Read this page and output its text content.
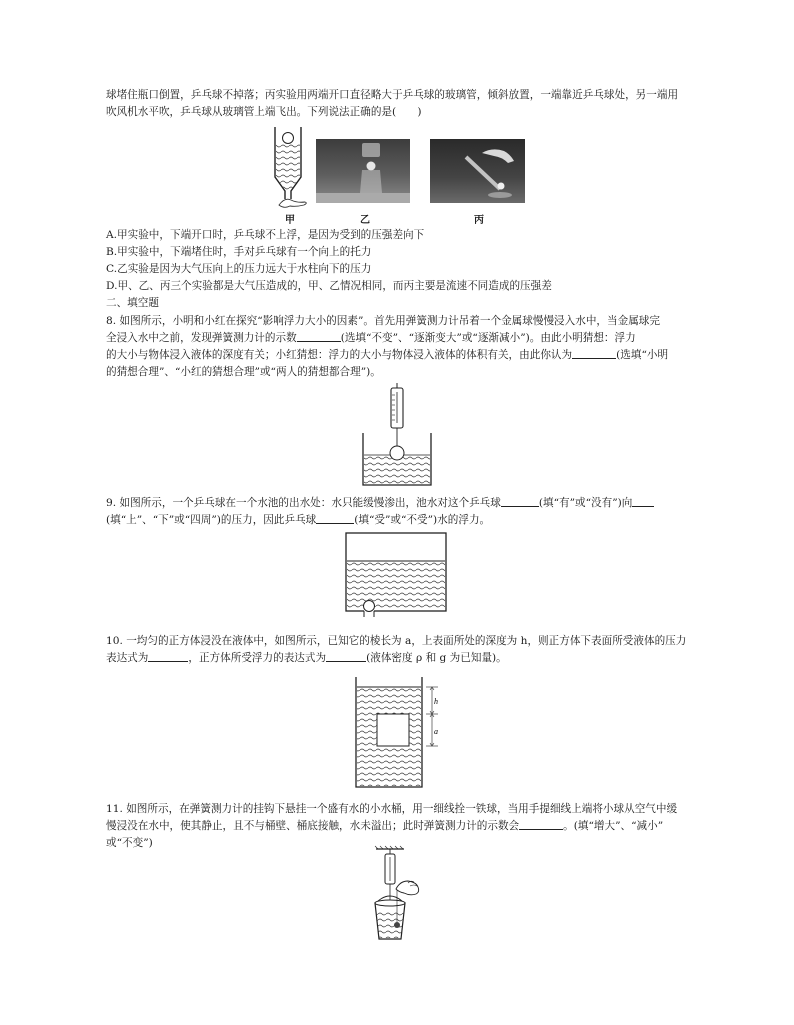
球堵住瓶口倒置，乒乓球不掉落；丙实验用两端开口直径略大于乒乓球的玻璃管，倾斜放置，一端靠近乒乓球处，另一端用
吹风机水平吹，乒乓球从玻璃管上端飞出。下列说法正确的是(　　)
甲	乙	丙
A.甲实验中，下端开口时，乒乓球不上浮，是因为受到的压强差向下
B.甲实验中，下端堵住时，手对乒乓球有一个向上的托力
C.乙实验是因为大气压向上的压力远大于水柱向下的压力
D.甲、乙、丙三个实验都是大气压造成的，甲、乙情况相同，而丙主要是流速不同造成的压强差
二、填空题
8. 如图所示，小明和小红在探究“影响浮力大小的因素”。首先用弹簧测力计吊着一个金属球慢慢浸入水中，当金属球完
全浸入水中之前，发现弹簧测力计的示数	(选填“不变”、“逐渐变大”或“逐渐减小”)。由此小明猜想：浮力
的大小与物体浸入液体的深度有关；小红猜想：浮力的大小与物体浸入液体的体积有关，由此你认为	(选填“小明
的猜想合理”、“小红的猜想合理”或“两人的猜想都合理”)。
9. 如图所示，一个乒乓球在一个水池的出水处：水只能缓慢渗出，池水对这个乒乓球	(填“有”或“没有”)向
(填“上”、“下”或“四周”)的压力，因此乒乓球	(填“受”或“不受”)水的浮力。
10. 一均匀的正方体浸没在液体中，如图所示，已知它的棱长为 a，上表面所处的深度为 h，则正方体下表面所受液体的压力
表达式为	，正方体所受浮力的表达式为	(液体密度 ρ 和 g 为已知量)。
h
a
11. 如图所示，在弹簧测力计的挂钩下悬挂一个盛有水的小水桶，用一细线拴一铁球，当用手提细线上端将小球从空气中缓
慢浸没在水中，使其静止，且不与桶壁、桶底接触，水未溢出；此时弹簧测力计的示数会	。(填“增大”、“减小”
或“不变”)
